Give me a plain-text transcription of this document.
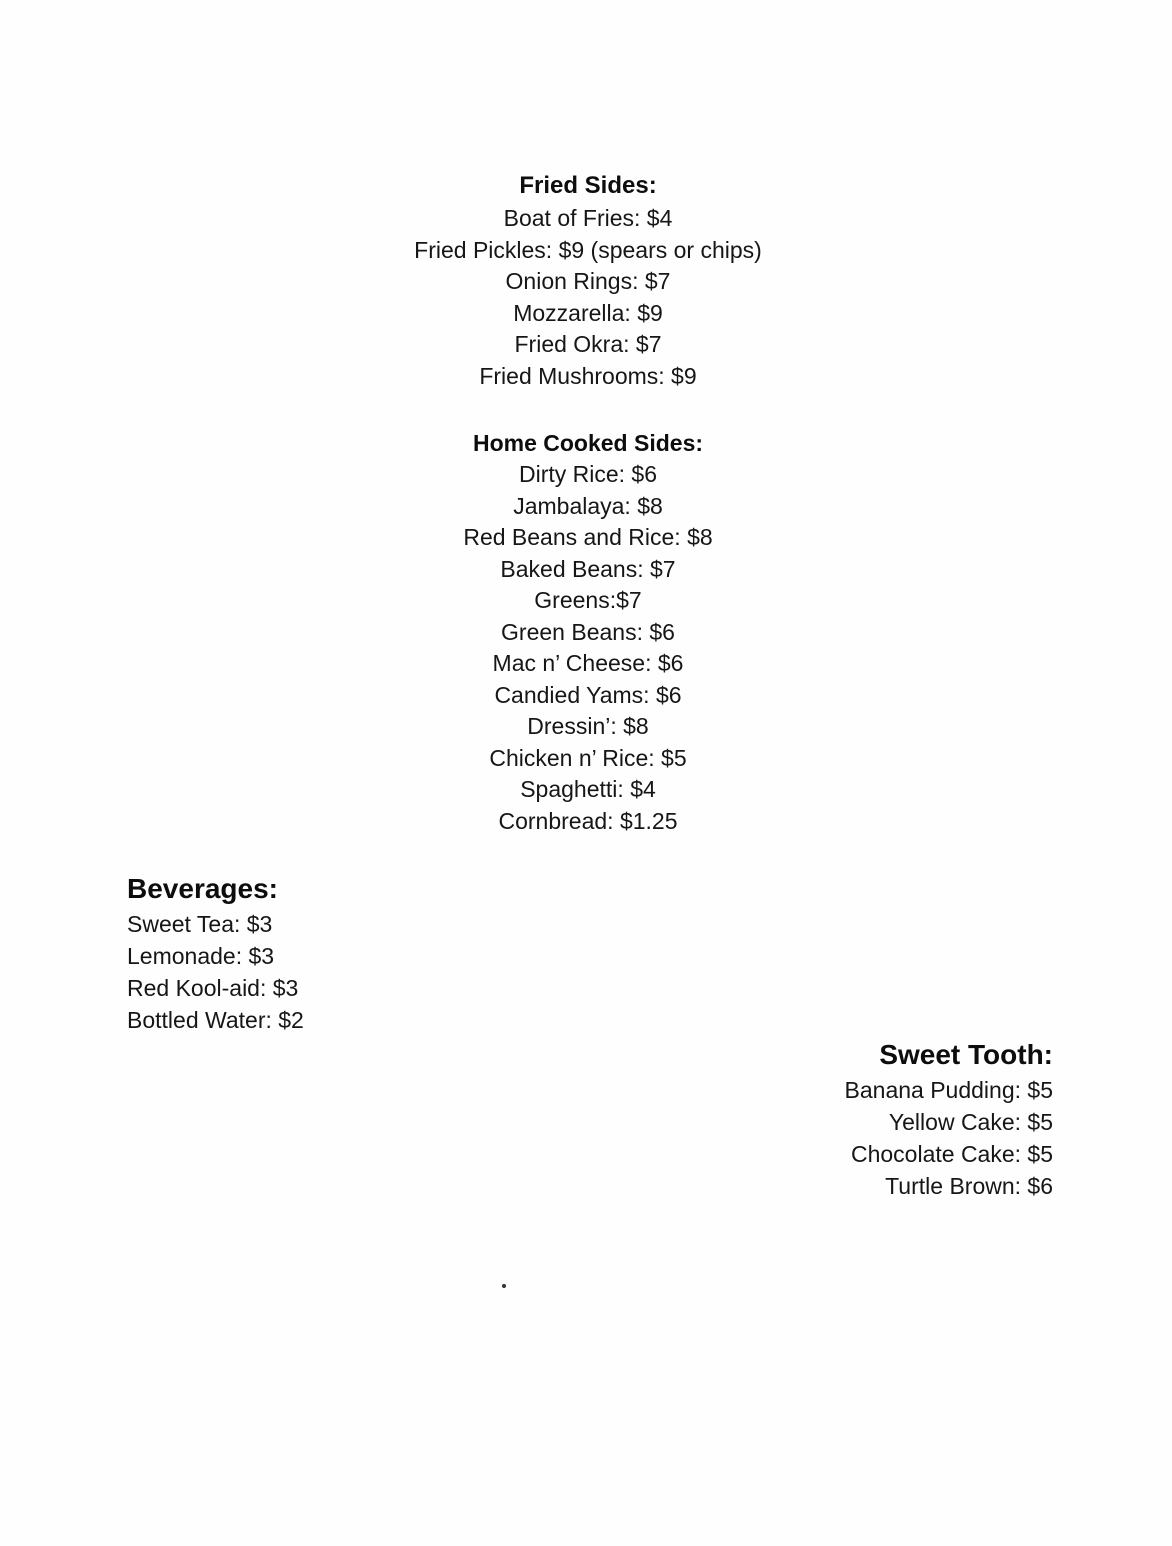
Fried Sides:
Boat of Fries: $4
Fried Pickles: $9 (spears or chips)
Onion Rings: $7
Mozzarella: $9
Fried Okra: $7
Fried Mushrooms: $9
Home Cooked Sides:
Dirty Rice: $6
Jambalaya: $8
Red Beans and Rice: $8
Baked Beans: $7
Greens:$7
Green Beans: $6
Mac n’ Cheese: $6
Candied Yams: $6
Dressin’: $8
Chicken n’ Rice: $5
Spaghetti: $4
Cornbread: $1.25
Beverages:
Sweet Tea: $3
Lemonade: $3
Red Kool-aid: $3
Bottled Water: $2
Sweet Tooth:
Banana Pudding: $5
Yellow Cake: $5
Chocolate Cake: $5
Turtle Brown: $6
